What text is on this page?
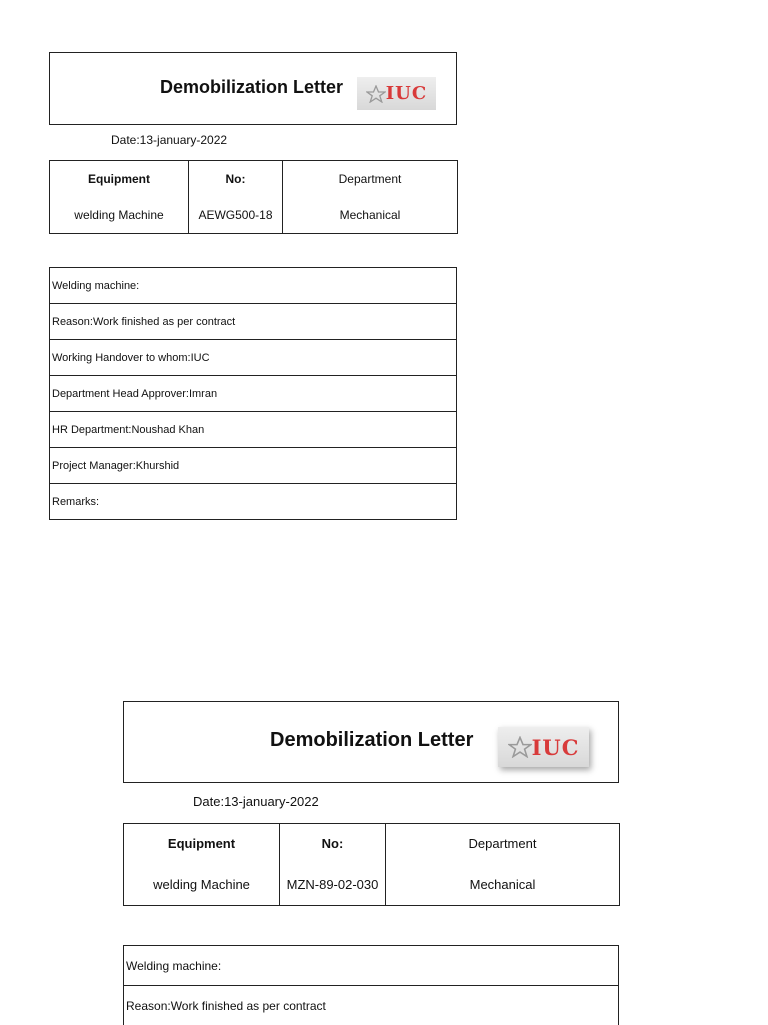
Demobilization Letter IUC
Date:13-january-2022
Equipment	No:	Department
welding Machine	AEWG500-18	Mechanical
Welding machine:
Reason:Work finished as per contract
Working Handover to whom:IUC
Department Head Approver:Imran
HR Department:Noushad Khan
Project Manager:Khurshid
Remarks:
Demobilization Letter	IUC
Date:13-january-2022
Equipment	No:	Department
welding Machine	MZN-89-02-030	Mechanical
Welding machine:
Reason:Work finished as per contract
